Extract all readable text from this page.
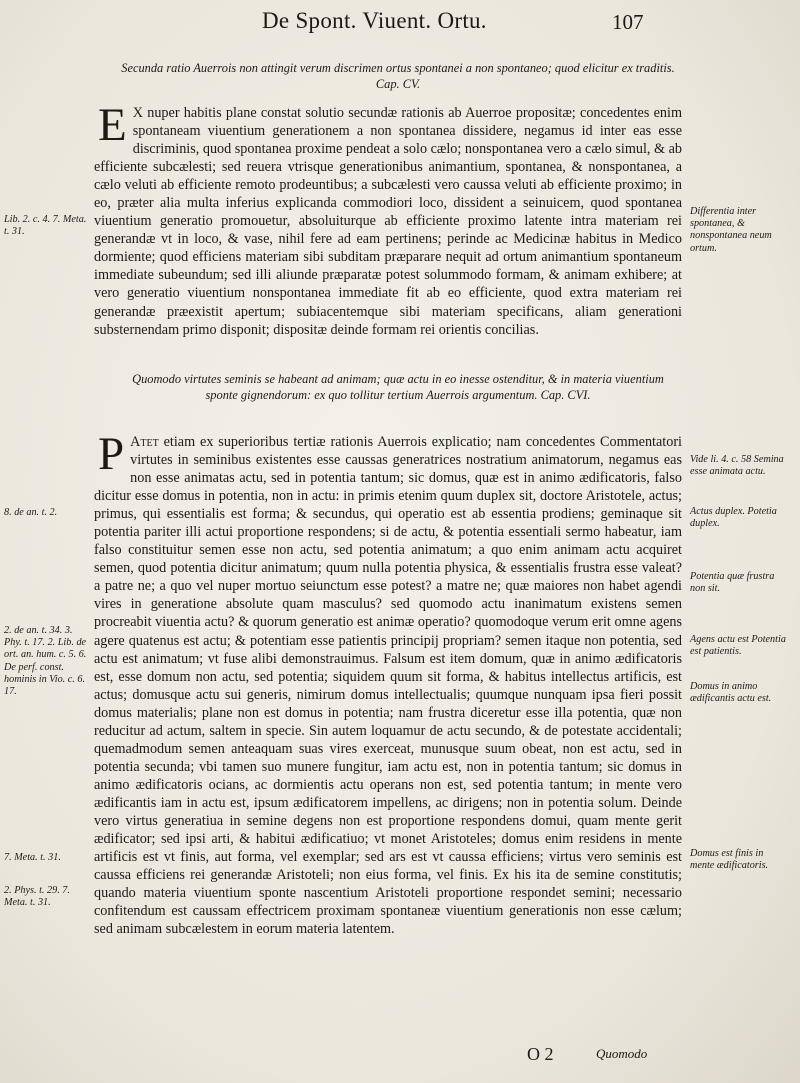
De Spont. Viuent. Ortu.	107
Secunda ratio Auerrois non attingit verum discrimen ortus spontanei a non spontaneo; quod elicitur ex traditis. Cap. CV.
E X nuper habitis plane constat solutio secundæ rationis ab Auerroe propositæ; concedentes enim spontaneam viuentium generationem a non spontanea dissidere, negamus id inter eas esse discriminis, quod spontanea proxime pendeat a solo cælo; nonspontanea vero a cælo simul, & ab efficiente subcælesti; sed reuera vtrisque generationibus animantium, spontanea, & nonspontanea, a cælo veluti ab efficiente remoto prodeuntibus; a subcælesti vero caussa veluti ab efficiente proximo; in eo, præter alia multa inferius explicanda commodiori loco, dissident a seinuicem, quod spontanea viuentium generatio promouetur, absoluiturque ab efficiente proximo latente intra materiam rei generandæ vt in loco, & vase, nihil fere ad eam pertinens; perinde ac Medicinæ habitus in Medico dormiente; quod efficiens materiam sibi subditam præparare nequit ad ortum animantium spontaneum immediate subeundum; sed illi aliunde præparatæ potest solummodo formam, & animam exhibere; at vero generatio viuentium nonspontanea immediate fit ab eo efficiente, quod extra materiam rei generandæ præexistit apertum; subiacentemque sibi materiam specificans, aliam generationi substernendam primo disponit; dispositæ deinde formam rei orientis concilias.
Quomodo virtutes seminis se habeant ad animam; quæ actu in eo inesse ostenditur, & in materia viuentium sponte gignendorum: ex quo tollitur tertium Auerrois argumentum. Cap. CVI.
P Atet etiam ex superioribus tertiæ rationis Auerrois explicatio; nam concedentes Commentatori virtutes in seminibus existentes esse caussas generatrices nostratium animatorum, negamus eas non esse animatas actu, sed in potentia tantum; sic domus, quæ est in animo ædificatoris, falso dicitur esse domus in potentia, non in actu: in primis etenim quum duplex sit, doctore Aristotele, actus; primus, qui essentialis est forma; & secundus, qui operatio est ab essentia prodiens; geminaque sit potentia pariter illi actui proportione respondens; si de actu, & potentia essentiali sermo habeatur, iam falso constituitur semen esse non actu, sed potentia animatum; a quo enim animam actu acquiret semen, quod potentia dicitur animatum; quum nulla potentia physica, & essentialis frustra esse valeat? a patre ne; a quo vel nuper mortuo seiunctum esse potest? a matre ne; quæ maiores non habet agendi vires in generatione absolute quam masculus? sed quomodo actu inanimatum existens semen procreabit viuentia actu? & quorum generatio est animæ operatio? quomodoque verum erit omne agens agere quatenus est actu; & potentiam esse patientis principij propriam? semen itaque non potentia, sed actu est animatum; vt fuse alibi demonstrauimus. Falsum est item domum, quæ in animo ædificatoris est, esse domum non actu, sed potentia; siquidem quum sit forma, & habitus intellectus artificis, est actus; domusque actu sui generis, nimirum domus intellectualis; quumque nunquam ipsa fieri possit domus materialis; plane non est domus in potentia; nam frustra diceretur esse illa potentia, quæ non reducitur ad actum, saltem in specie. Sin autem loquamur de actu secundo, & de potestate accidentali; quemadmodum semen anteaquam suas vires exerceat, munusque suum obeat, non est actu, sed in potentia secunda; vbi tamen suo munere fungitur, iam actu est, non in potentia tantum; sic domus in animo ædificatoris ocians, ac dormientis actu operans non est, sed potentia tantum; in mente vero ædificantis iam in actu est, ipsum ædificatorem impellens, ac dirigens; non in potentia solum. Deinde vero virtus generatiua in semine degens non est proportione respondens domui, quam mente gerit ædificator; sed ipsi arti, & habitui ædificatiuo; vt monet Aristoteles; domus enim residens in mente artificis est vt finis, aut forma, vel exemplar; sed ars est vt caussa efficiens; virtus vero seminis est caussa efficiens rei generandæ Aristoteli; non eius forma, vel finis. Ex his ita de semine constitutis; quando materia viuentium sponte nascentium Aristoteli proportione respondet semini; necessario confitendum est caussam effectricem proximam spontaneæ viuentium generationis non esse cælum; sed animam subcælestem in eorum materia latentem.
Differentia inter spontanea, & nonspontanea neum ortum.
Vide li. 4. c. 58 Semina esse animata actu.
Actus duplex. Potetia duplex.
Potentia quæ frustra non sit.
Agens actu est Potentia est patientis.
Domus in animo ædificantis actu est.
Domus est finis in mente ædificatoris.
Lib. 2. c. 4. 7. Meta. t. 31.
8. de an. t. 2.
2. de an. t. 34. 3. Phy. t. 17. 2. Lib. de ort. an. hum. c. 5. 6. De perf. const. hominis in Vio. c. 6. 17.
7. Meta. t. 31.
2. Phys. t. 29. 7. Meta. t. 31.
O 2	Quomodo
